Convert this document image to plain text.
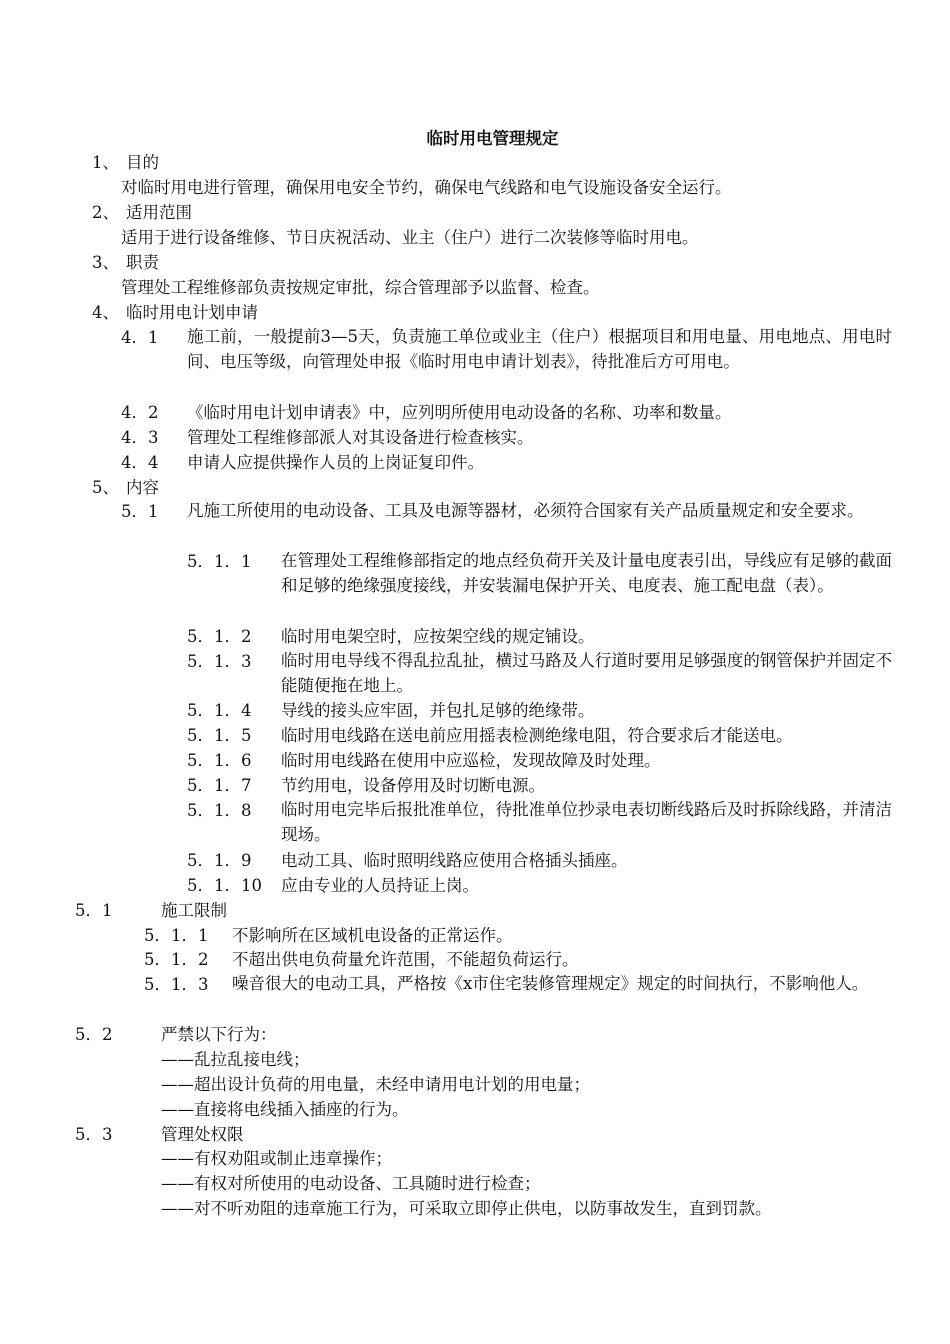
临时用电管理规定
1、 目的
对临时用电进行管理，确保用电安全节约，确保电气线路和电气设施设备安全运行。
2、 适用范围
适用于进行设备维修、节日庆祝活动、业主（住户）进行二次装修等临时用电。
3、 职责
管理处工程维修部负责按规定审批，综合管理部予以监督、检查。
4、 临时用电计划申请
4．1 施工前，一般提前3—5天，负责施工单位或业主（住户）根据项目和用电量、用电地点、用电时间、电压等级，向管理处申报《临时用电申请计划表》，待批准后方可用电。
4．2 《临时用电计划申请表》中，应列明所使用电动设备的名称、功率和数量。
4．3 管理处工程维修部派人对其设备进行检查核实。
4．4 申请人应提供操作人员的上岗证复印件。
5、 内容
5．1 凡施工所使用的电动设备、工具及电源等器材，必须符合国家有关产品质量规定和安全要求。
5．1．1 在管理处工程维修部指定的地点经负荷开关及计量电度表引出，导线应有足够的截面和足够的绝缘强度接线，并安装漏电保护开关、电度表、施工配电盘（表）。
5．1．2 临时用电架空时，应按架空线的规定铺设。
5．1．3 临时用电导线不得乱拉乱扯，横过马路及人行道时要用足够强度的钢管保护并固定不能随便拖在地上。
5．1．4 导线的接头应牢固，并包扎足够的绝缘带。
5．1．5 临时用电线路在送电前应用摇表检测绝缘电阻，符合要求后才能送电。
5．1．6 临时用电线路在使用中应巡检，发现故障及时处理。
5．1．7 节约用电，设备停用及时切断电源。
5．1．8 临时用电完毕后报批准单位，待批准单位抄录电表切断线路后及时拆除线路，并清洁现场。
5．1．9 电动工具、临时照明线路应使用合格插头插座。
5．1．10 应由专业的人员持证上岗。
5．1	施工限制
5．1．1 不影响所在区域机电设备的正常运作。
5．1．2 不超出供电负荷量允许范围，不能超负荷运行。
5．1．3 噪音很大的电动工具，严格按《x市住宅装修管理规定》规定的时间执行，不影响他人。
5．2	严禁以下行为：
——乱拉乱接电线；
——超出设计负荷的用电量，未经申请用电计划的用电量；
——直接将电线插入插座的行为。
5．3	管理处权限
——有权劝阻或制止违章操作；
——有权对所使用的电动设备、工具随时进行检查；
——对不听劝阻的违章施工行为，可采取立即停止供电，以防事故发生，直到罚款。
